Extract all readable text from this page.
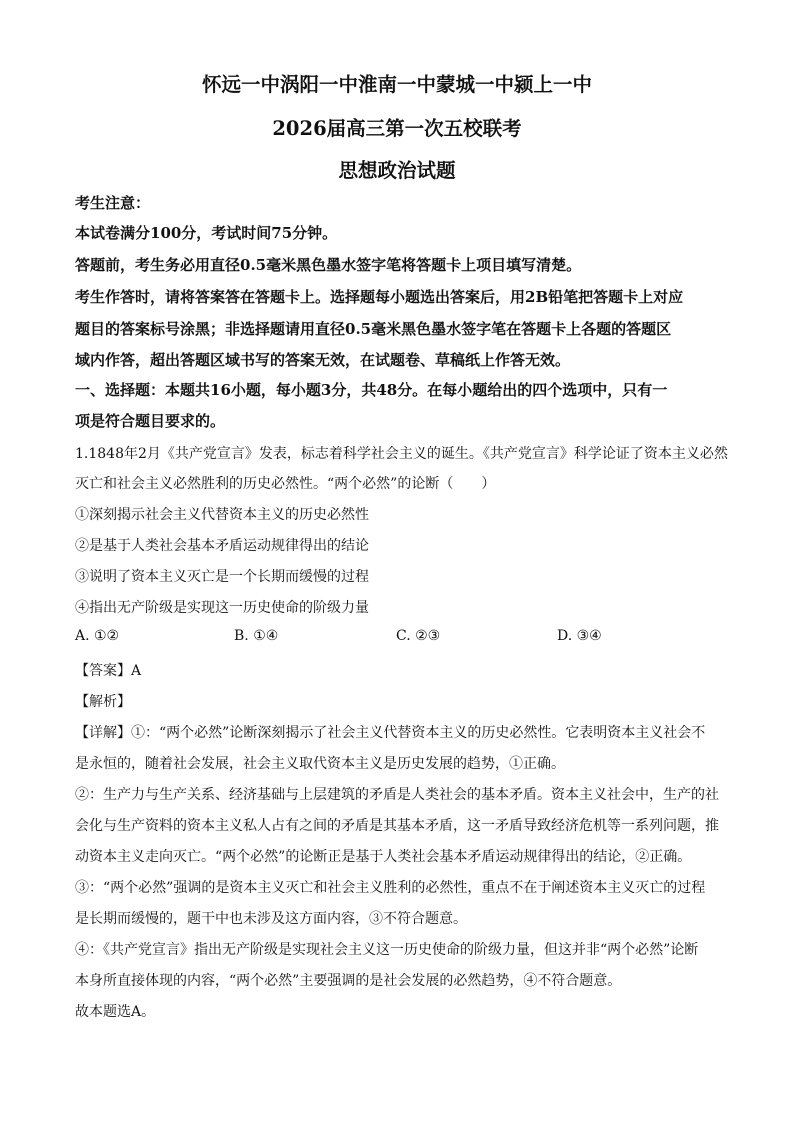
怀远一中涡阳一中淮南一中蒙城一中颍上一中
2026届高三第一次五校联考
思想政治试题
考生注意：
本试卷满分100分，考试时间75分钟。
答题前，考生务必用直径0.5毫米黑色墨水签字笔将答题卡上项目填写清楚。
考生作答时，请将答案答在答题卡上。选择题每小题选出答案后，用2B铅笔把答题卡上对应
题目的答案标号涂黑；非选择题请用直径0.5毫米黑色墨水签字笔在答题卡上各题的答题区
域内作答，超出答题区域书写的答案无效，在试题卷、草稿纸上作答无效。
一、选择题：本题共16小题，每小题3分，共48分。在每小题给出的四个选项中，只有一
项是符合题目要求的。
1.1848年2月《共产党宣言》发表，标志着科学社会主义的诞生。《共产党宣言》科学论证了资本主义必然
灭亡和社会主义必然胜利的历史必然性。“两个必然”的论断（　　）
①深刻揭示社会主义代替资本主义的历史必然性
②是基于人类社会基本矛盾运动规律得出的结论
③说明了资本主义灭亡是一个长期而缓慢的过程
④指出无产阶级是实现这一历史使命的阶级力量
A. ①②	B. ①④	C. ②③	D. ③④
【答案】A
【解析】
【详解】①：“两个必然”论断深刻揭示了社会主义代替资本主义的历史必然性。它表明资本主义社会不
是永恒的，随着社会发展，社会主义取代资本主义是历史发展的趋势，①正确。
②：生产力与生产关系、经济基础与上层建筑的矛盾是人类社会的基本矛盾。资本主义社会中，生产的社
会化与生产资料的资本主义私人占有之间的矛盾是其基本矛盾，这一矛盾导致经济危机等一系列问题，推
动资本主义走向灭亡。“两个必然”的论断正是基于人类社会基本矛盾运动规律得出的结论，②正确。
③：“两个必然”强调的是资本主义灭亡和社会主义胜利的必然性，重点不在于阐述资本主义灭亡的过程
是长期而缓慢的，题干中也未涉及这方面内容，③不符合题意。
④：《共产党宣言》指出无产阶级是实现社会主义这一历史使命的阶级力量，但这并非“两个必然”论断
本身所直接体现的内容，“两个必然”主要强调的是社会发展的必然趋势，④不符合题意。
故本题选A。
